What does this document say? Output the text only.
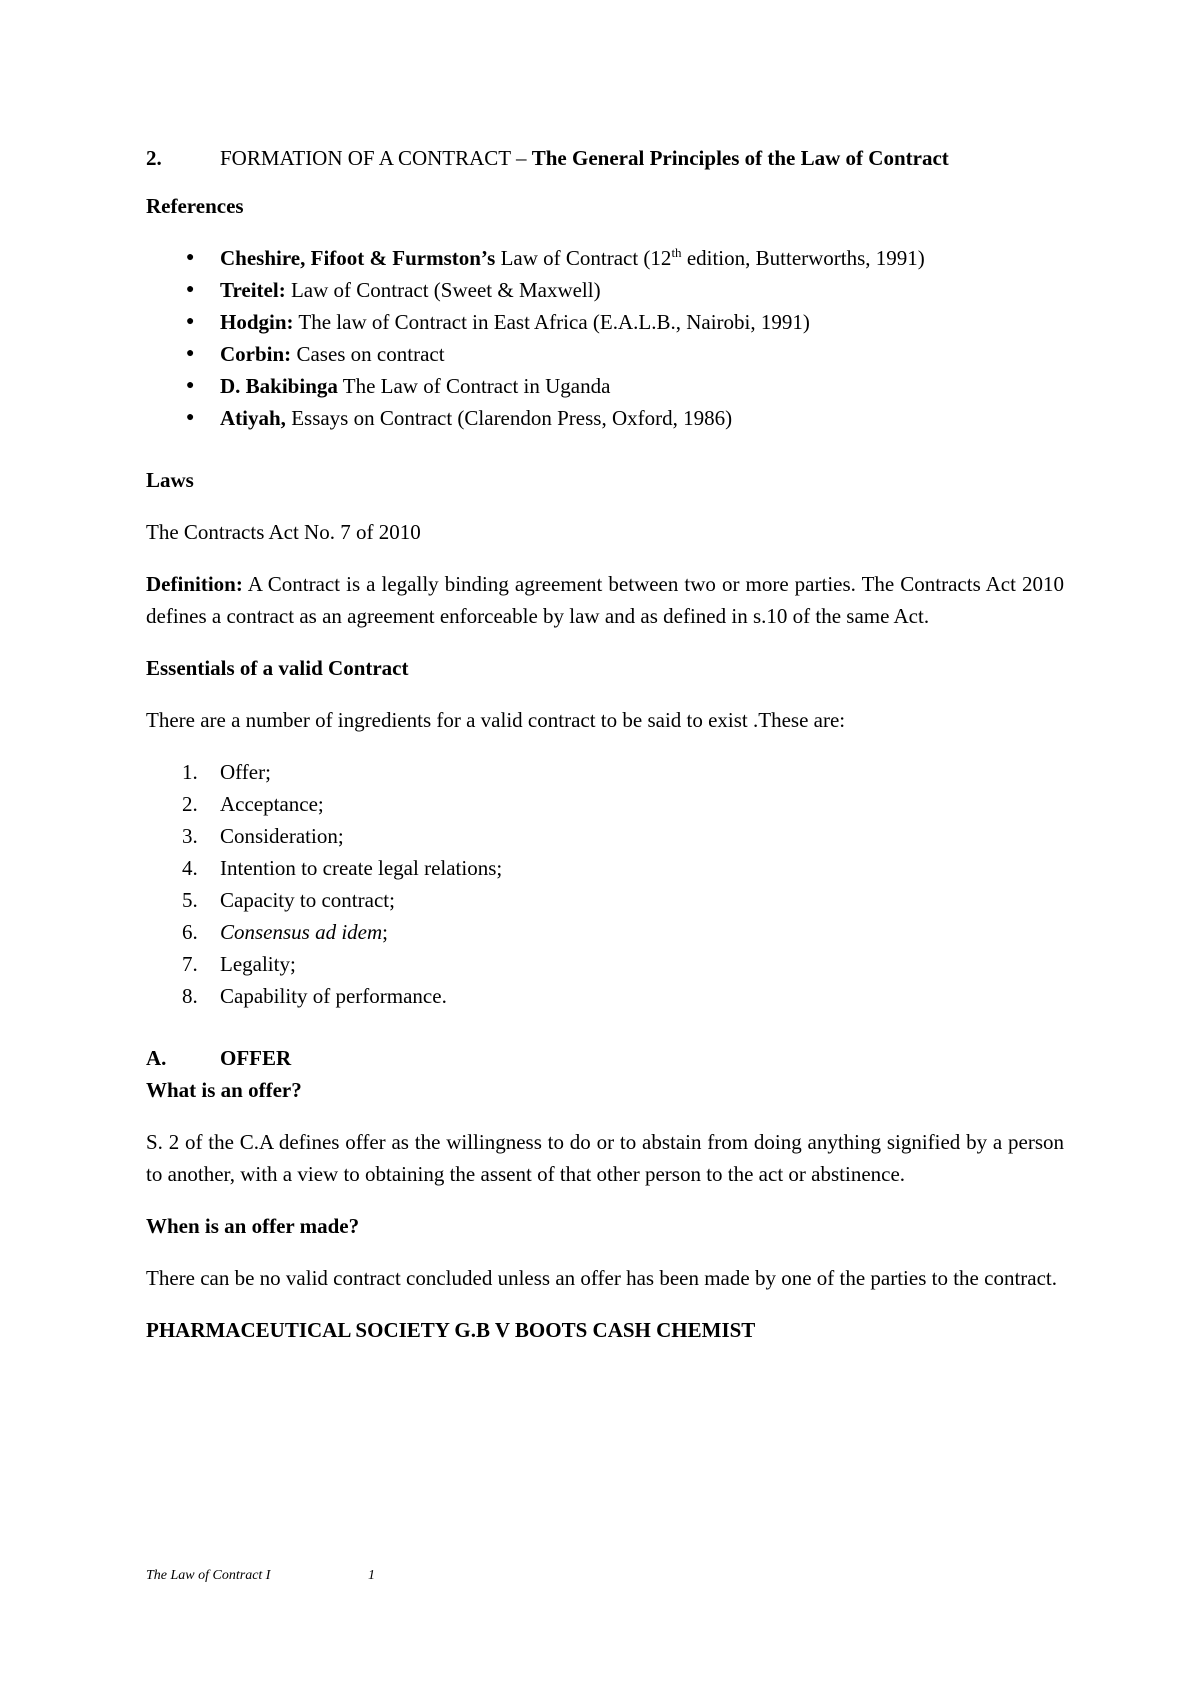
2.	FORMATION OF A CONTRACT – The General Principles of the Law of Contract
References
● Cheshire, Fifoot & Furmston’s Law of Contract (12th edition, Butterworths, 1991)
● Treitel: Law of Contract (Sweet & Maxwell)
● Hodgin: The law of Contract in East Africa (E.A.L.B., Nairobi, 1991)
● Corbin: Cases on contract
● D. Bakibinga The Law of Contract in Uganda
● Atiyah, Essays on Contract (Clarendon Press, Oxford, 1986)
Laws
The Contracts Act No. 7 of 2010
Definition: A Contract is a legally binding agreement between two or more parties. The Contracts Act 2010 defines a contract as an agreement enforceable by law and as defined in s.10 of the same Act.
Essentials of a valid Contract
There are a number of ingredients for a valid contract to be said to exist .These are:
1. Offer;
2. Acceptance;
3. Consideration;
4. Intention to create legal relations;
5. Capacity to contract;
6. Consensus ad idem;
7. Legality;
8. Capability of performance.
A.	OFFER
What is an offer?
S. 2 of the C.A defines offer as the willingness to do or to abstain from doing anything signified by a person to another, with a view to obtaining the assent of that other person to the act or abstinence.
When is an offer made?
There can be no valid contract concluded unless an offer has been made by one of the parties to the contract.
PHARMACEUTICAL SOCIETY G.B V BOOTS CASH CHEMIST
The Law of Contract I	1
